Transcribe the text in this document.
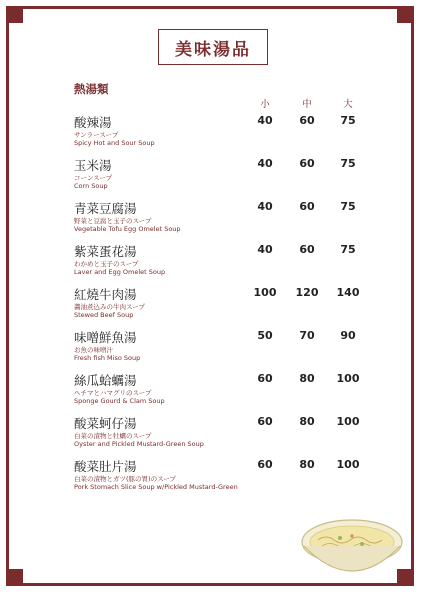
美味湯品
熱湯類
小	中	大
酸辣湯
サンラースープ
Spicy Hot and Sour Soup
40	60	75
玉米湯
コーンスープ
Corn Soup
40	60	75
青菜豆腐湯
野菜と豆腐と玉子のスープ
Vegetable Tofu Egg Omelet Soup
40	60	75
紫菜蛋花湯
わかめと玉子のスープ
Laver and Egg Omelet Soup
40	60	75
紅燒牛肉湯
醬油煮込みの牛肉スープ
Stewed Beef Soup
100	120	140
味噌鮮魚湯
お魚の味噌汁
Fresh fish Miso Soup
50	70	90
絲瓜蛤蠣湯
ヘチマとハマグリのスープ
Sponge Gourd & Clam Soup
60	80	100
酸菜蚵仔湯
白菜の漬物と牡蠣のスープ
Oyster and Pickled Mustard-Green Soup
60	80	100
酸菜肚片湯
白菜の漬物とガツ(豚の胃)のスープ
Pork Stomach Slice Soup w/Pickled Mustard-Green
60	80	100
